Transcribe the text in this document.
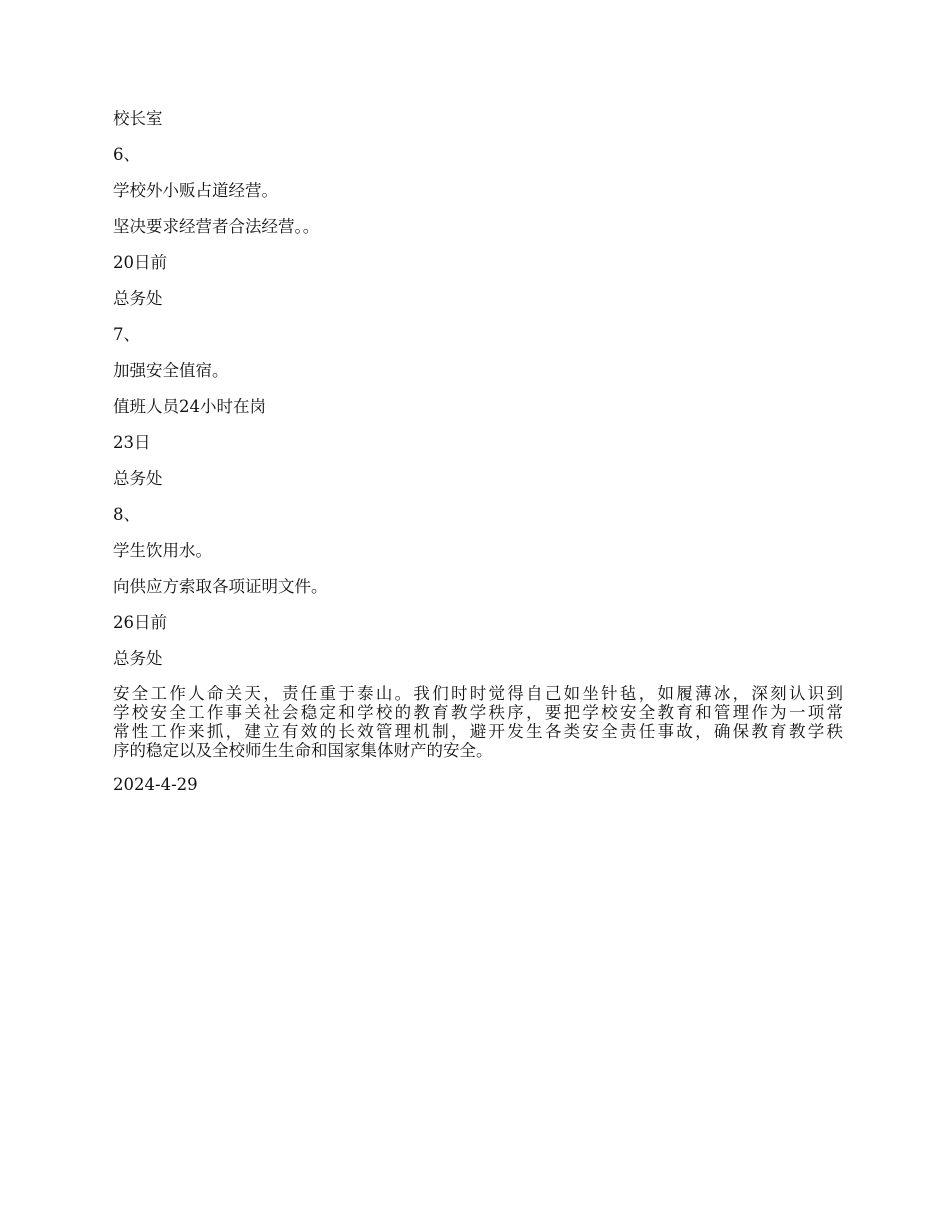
校长室
6、
学校外小贩占道经营。
坚决要求经营者合法经营。。
20日前
总务处
7、
加强安全值宿。
值班人员24小时在岗
23日
总务处
8、
学生饮用水。
向供应方索取各项证明文件。
26日前
总务处
安全工作人命关天，责任重于泰山。我们时时觉得自己如坐针毡，如履薄冰，深刻认识到
学校安全工作事关社会稳定和学校的教育教学秩序，要把学校安全教育和管理作为一项常
常性工作来抓，建立有效的长效管理机制，避开发生各类安全责任事故，确保教育教学秩
序的稳定以及全校师生生命和国家集体财产的安全。
2024-4-29
